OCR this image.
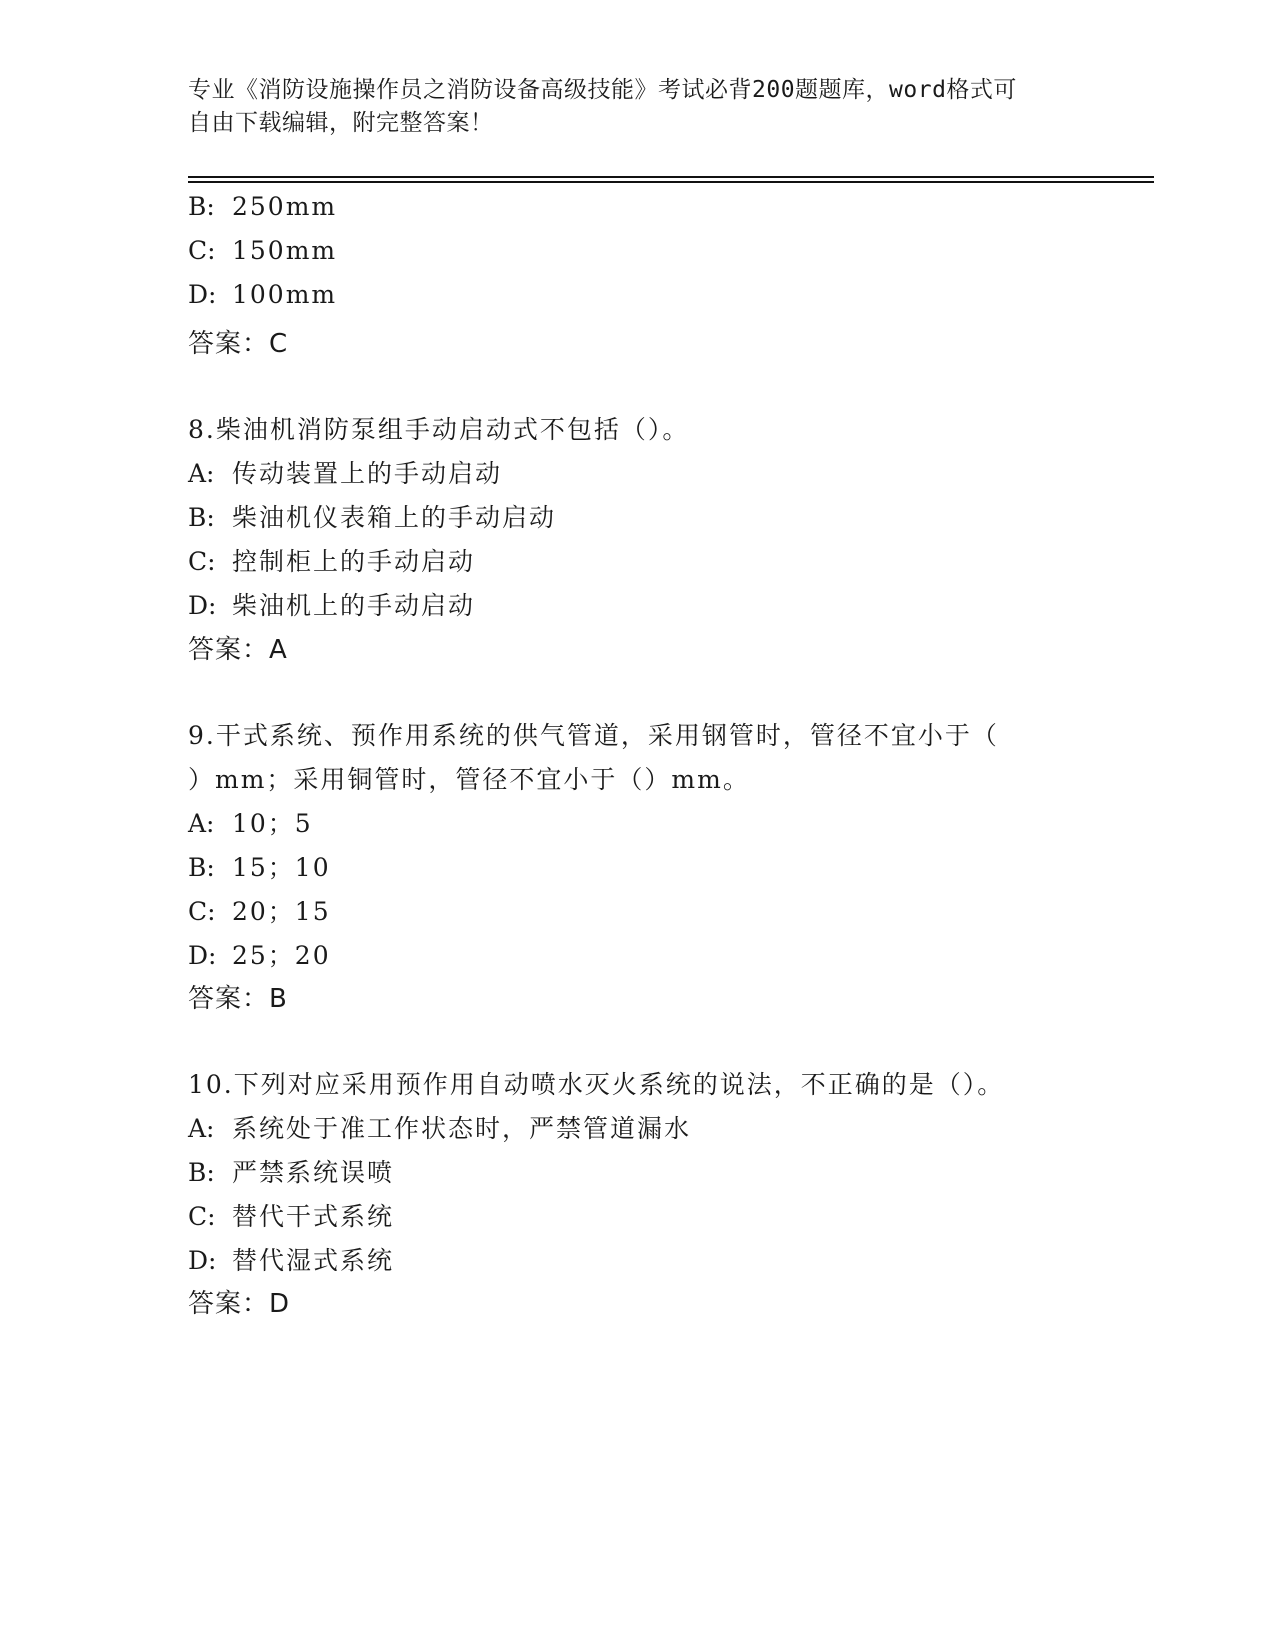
专业《消防设施操作员之消防设备高级技能》考试必背200题题库，word格式可
自由下载编辑，附完整答案！
B: 250mm
C: 150mm
D: 100mm
答案：C
8.柴油机消防泵组手动启动式不包括（）。
A: 传动装置上的手动启动
B: 柴油机仪表箱上的手动启动
C: 控制柜上的手动启动
D: 柴油机上的手动启动
答案：A
9.干式系统、预作用系统的供气管道，采用钢管时，管径不宜小于（
）mm；采用铜管时，管径不宜小于（）mm。
A: 10；5
B: 15；10
C: 20；15
D: 25；20
答案：B
10.下列对应采用预作用自动喷水灭火系统的说法，不正确的是（）。
A: 系统处于准工作状态时，严禁管道漏水
B: 严禁系统误喷
C: 替代干式系统
D: 替代湿式系统
答案：D
